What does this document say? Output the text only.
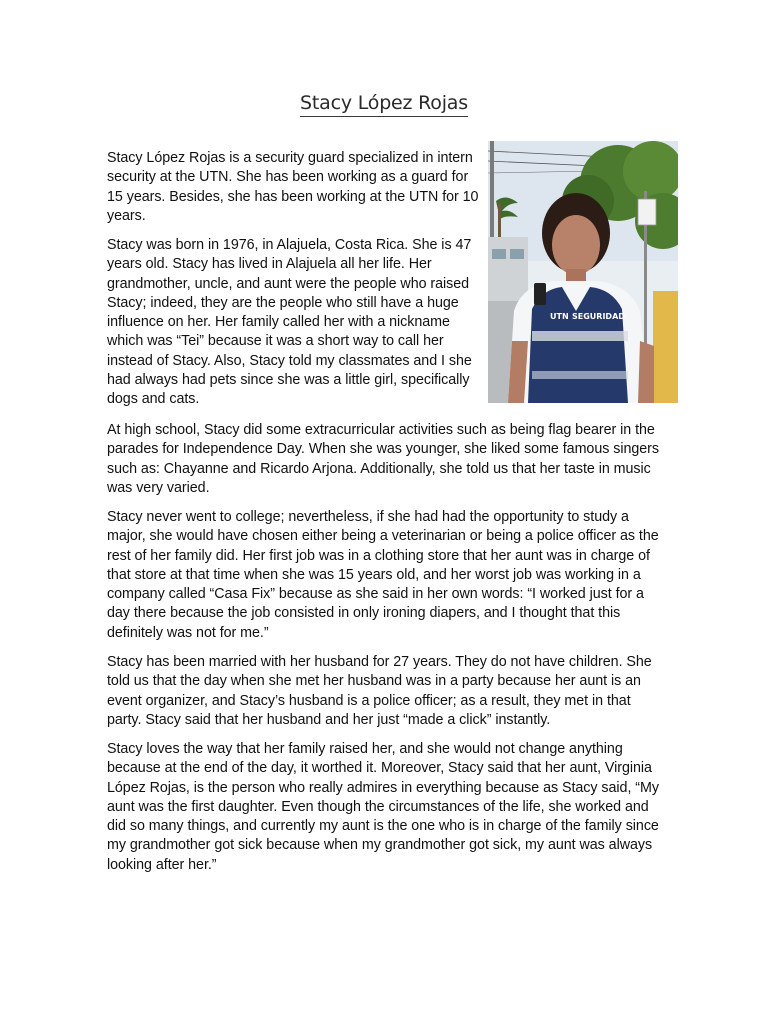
Stacy López Rojas
UTN SEGURIDAD

Stacy López Rojas is a security guard specialized in intern security at the UTN. She has been working as a guard for 15 years. Besides, she has been working at the UTN for 10 years.

Stacy was born in 1976, in Alajuela, Costa Rica. She is 47 years old. Stacy has lived in Alajuela all her life. Her grandmother, uncle, and aunt were the people who raised Stacy; indeed, they are the people who still have a huge influence on her. Her family called her with a nickname which was “Tei” because it was a short way to call her instead of Stacy. Also, Stacy told my classmates and I she had always had pets since she was a little girl, specifically dogs and cats.

At high school, Stacy did some extracurricular activities such as being flag bearer in the parades for Independence Day. When she was younger, she liked some famous singers such as: Chayanne and Ricardo Arjona. Additionally, she told us that her taste in music was very varied.

Stacy never went to college; nevertheless, if she had had the opportunity to study a major, she would have chosen either being a veterinarian or being a police officer as the rest of her family did. Her first job was in a clothing store that her aunt was in charge of that store at that time when she was 15 years old, and her worst job was working in a company called “Casa Fix” because as she said in her own words: “I worked just for a day there because the job consisted in only ironing diapers, and I thought that this definitely was not for me.”

Stacy has been married with her husband for 27 years. They do not have children. She told us that the day when she met her husband was in a party because her aunt is an event organizer, and Stacy’s husband is a police officer; as a result, they met in that party. Stacy said that her husband and her just “made a click” instantly.

Stacy loves the way that her family raised her, and she would not change anything because at the end of the day, it worthed it. Moreover, Stacy said that her aunt, Virginia López Rojas, is the person who really admires in everything because as Stacy said, “My aunt was the first daughter. Even though the circumstances of the life, she worked and did so many things, and currently my aunt is the one who is in charge of the family since my grandmother got sick because when my grandmother got sick, my aunt was always looking after her.”
